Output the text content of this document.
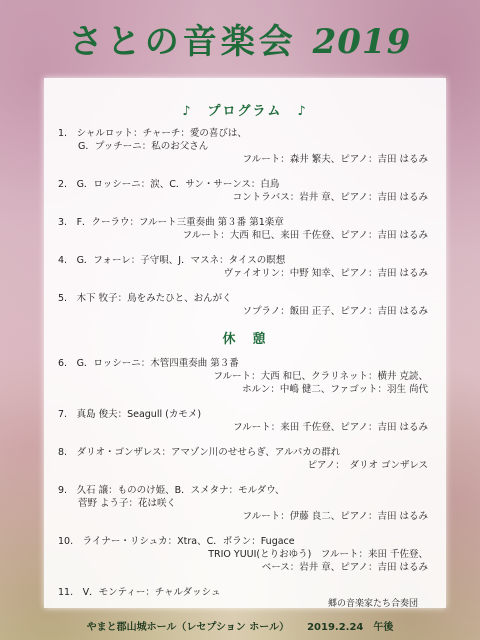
さとの音楽会 2019
♪　プログラム　♪
1.　シャルロット：チャーチ：愛の喜びは、
G．プッチーニ：私のお父さん
フルート：森井 繁夫、ピアノ：吉田 はるみ
2.　G．ロッシーニ：涙、C．サン・サーンス：白鳥
コントラバス：岩井 章、ピアノ：吉田 はるみ
3.　F．クーラウ：フルート三重奏曲 第３番 第1楽章
フルート：大西 和巳、来田 千佐登、ピアノ：吉田 はるみ
4.　G．フォーレ：子守唄、J．マスネ：タイスの瞑想
ヴァイオリン：中野 知幸、ピアノ：吉田 はるみ
5.　木下 牧子：鳥をみたひと、おんがく
ソプラノ：飯田 正子、ピアノ：吉田 はるみ
休　憩
6.　G．ロッシーニ：木管四重奏曲 第３番
フルート：大西 和巳、クラリネット：横井 克読、
ホルン：中嶋 健二、ファゴット：羽生 尚代
7.　真島 俊夫：Seagull (カモメ)
フルート：来田 千佐登、ピアノ：吉田 はるみ
8.　ダリオ・ゴンザレス：アマゾン川のせせらぎ、アルパカの群れ
ピアノ：　ダリオ ゴンザレス
9.　久石 譲：もののけ姫、B．スメタナ：モルダウ、
菅野 よう子：花は咲く
フルート：伊藤 良二、ピアノ：吉田 はるみ
10.　ライナー・リシュカ：Xtra、C．ボラン：Fugace
TRIO YUUI(とりおゆう)　フルート：来田 千佐登、
ベース：岩井 章、ピアノ：吉田 はるみ
11.　V．モンティー：チャルダッシュ
郷の音楽家たち合奏団
やまと郡山城ホール（レセプション ホール） 2019.2.24　午後
